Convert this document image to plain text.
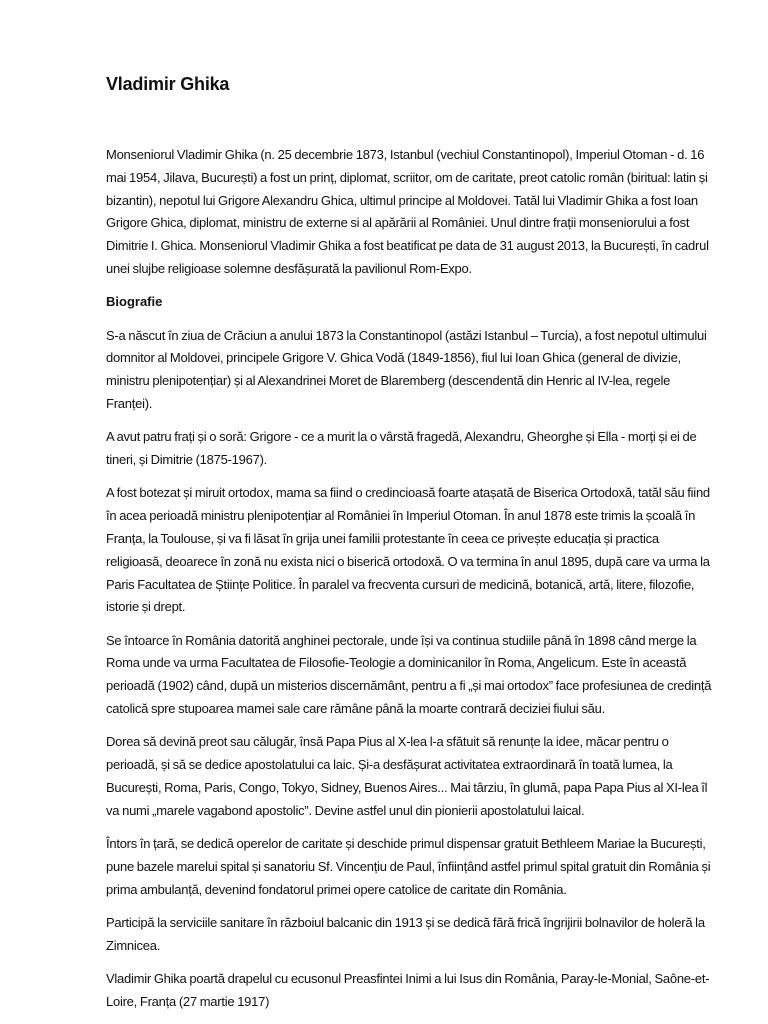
Vladimir Ghika

Monseniorul Vladimir Ghika (n. 25 decembrie 1873, Istanbul (vechiul Constantinopol), Imperiul Otoman - d. 16 mai 1954, Jilava, București) a fost un prinț, diplomat, scriitor, om de caritate, preot catolic român (biritual: latin și bizantin), nepotul lui Grigore Alexandru Ghica, ultimul principe al Moldovei. Tatăl lui Vladimir Ghika a fost Ioan Grigore Ghica, diplomat, ministru de externe si al apărării al României. Unul dintre frații monseniorului a fost Dimitrie I. Ghica. Monseniorul Vladimir Ghika a fost beatificat pe data de 31 august 2013, la București, în cadrul unei slujbe religioase solemne desfășurată la pavilionul Rom-Expo.

Biografie

S-a născut în ziua de Crăciun a anului 1873 la Constantinopol (astăzi Istanbul – Turcia), a fost nepotul ultimului domnitor al Moldovei, principele Grigore V. Ghica Vodă (1849-1856), fiul lui Ioan Ghica (general de divizie, ministru plenipotențiar) și al Alexandrinei Moret de Blaremberg (descendentă din Henric al IV-lea, regele Franței).

A avut patru frați și o soră: Grigore - ce a murit la o vârstă fragedă, Alexandru, Gheorghe și Ella - morți și ei de tineri, și Dimitrie (1875-1967).

A fost botezat și miruit ortodox, mama sa fiind o credincioasă foarte atașată de Biserica Ortodoxă, tatăl său fiind în acea perioadă ministru plenipotențiar al României în Imperiul Otoman. În anul 1878 este trimis la școală în Franța, la Toulouse, și va fi lăsat în grija unei familii protestante în ceea ce privește educația și practica religioasă, deoarece în zonă nu exista nici o biserică ortodoxă. O va termina în anul 1895, după care va urma la Paris Facultatea de Științe Politice. În paralel va frecventa cursuri de medicină, botanică, artă, litere, filozofie, istorie și drept.

Se întoarce în România datorită anghinei pectorale, unde își va continua studiile până în 1898 când merge la Roma unde va urma Facultatea de Filosofie-Teologie a dominicanilor în Roma, Angelicum. Este în această perioadă (1902) când, după un misterios discernământ, pentru a fi „și mai ortodox” face profesiunea de credință catolică spre stupoarea mamei sale care rămâne până la moarte contrară deciziei fiului său.

Dorea să devină preot sau călugăr, însă Papa Pius al X-lea l-a sfătuit să renunțe la idee, măcar pentru o perioadă, și să se dedice apostolatului ca laic. Și-a desfășurat activitatea extraordinară în toată lumea, la București, Roma, Paris, Congo, Tokyo, Sidney, Buenos Aires... Mai târziu, în glumă, papa Papa Pius al XI-lea îl va numi „marele vagabond apostolic”. Devine astfel unul din pionierii apostolatului laical.

Întors în țară, se dedică operelor de caritate și deschide primul dispensar gratuit Bethleem Mariae la București, pune bazele marelui spital și sanatoriu Sf. Vincențiu de Paul, înființând astfel primul spital gratuit din România și prima ambulanță, devenind fondatorul primei opere catolice de caritate din România.

Participă la serviciile sanitare în războiul balcanic din 1913 și se dedică fără frică îngrijirii bolnavilor de holeră la Zimnicea.

Vladimir Ghika poartă drapelul cu ecusonul Preasfintei Inimi a lui Isus din România, Paray-le-Monial, Saône-et-Loire, Franța (27 martie 1917)
